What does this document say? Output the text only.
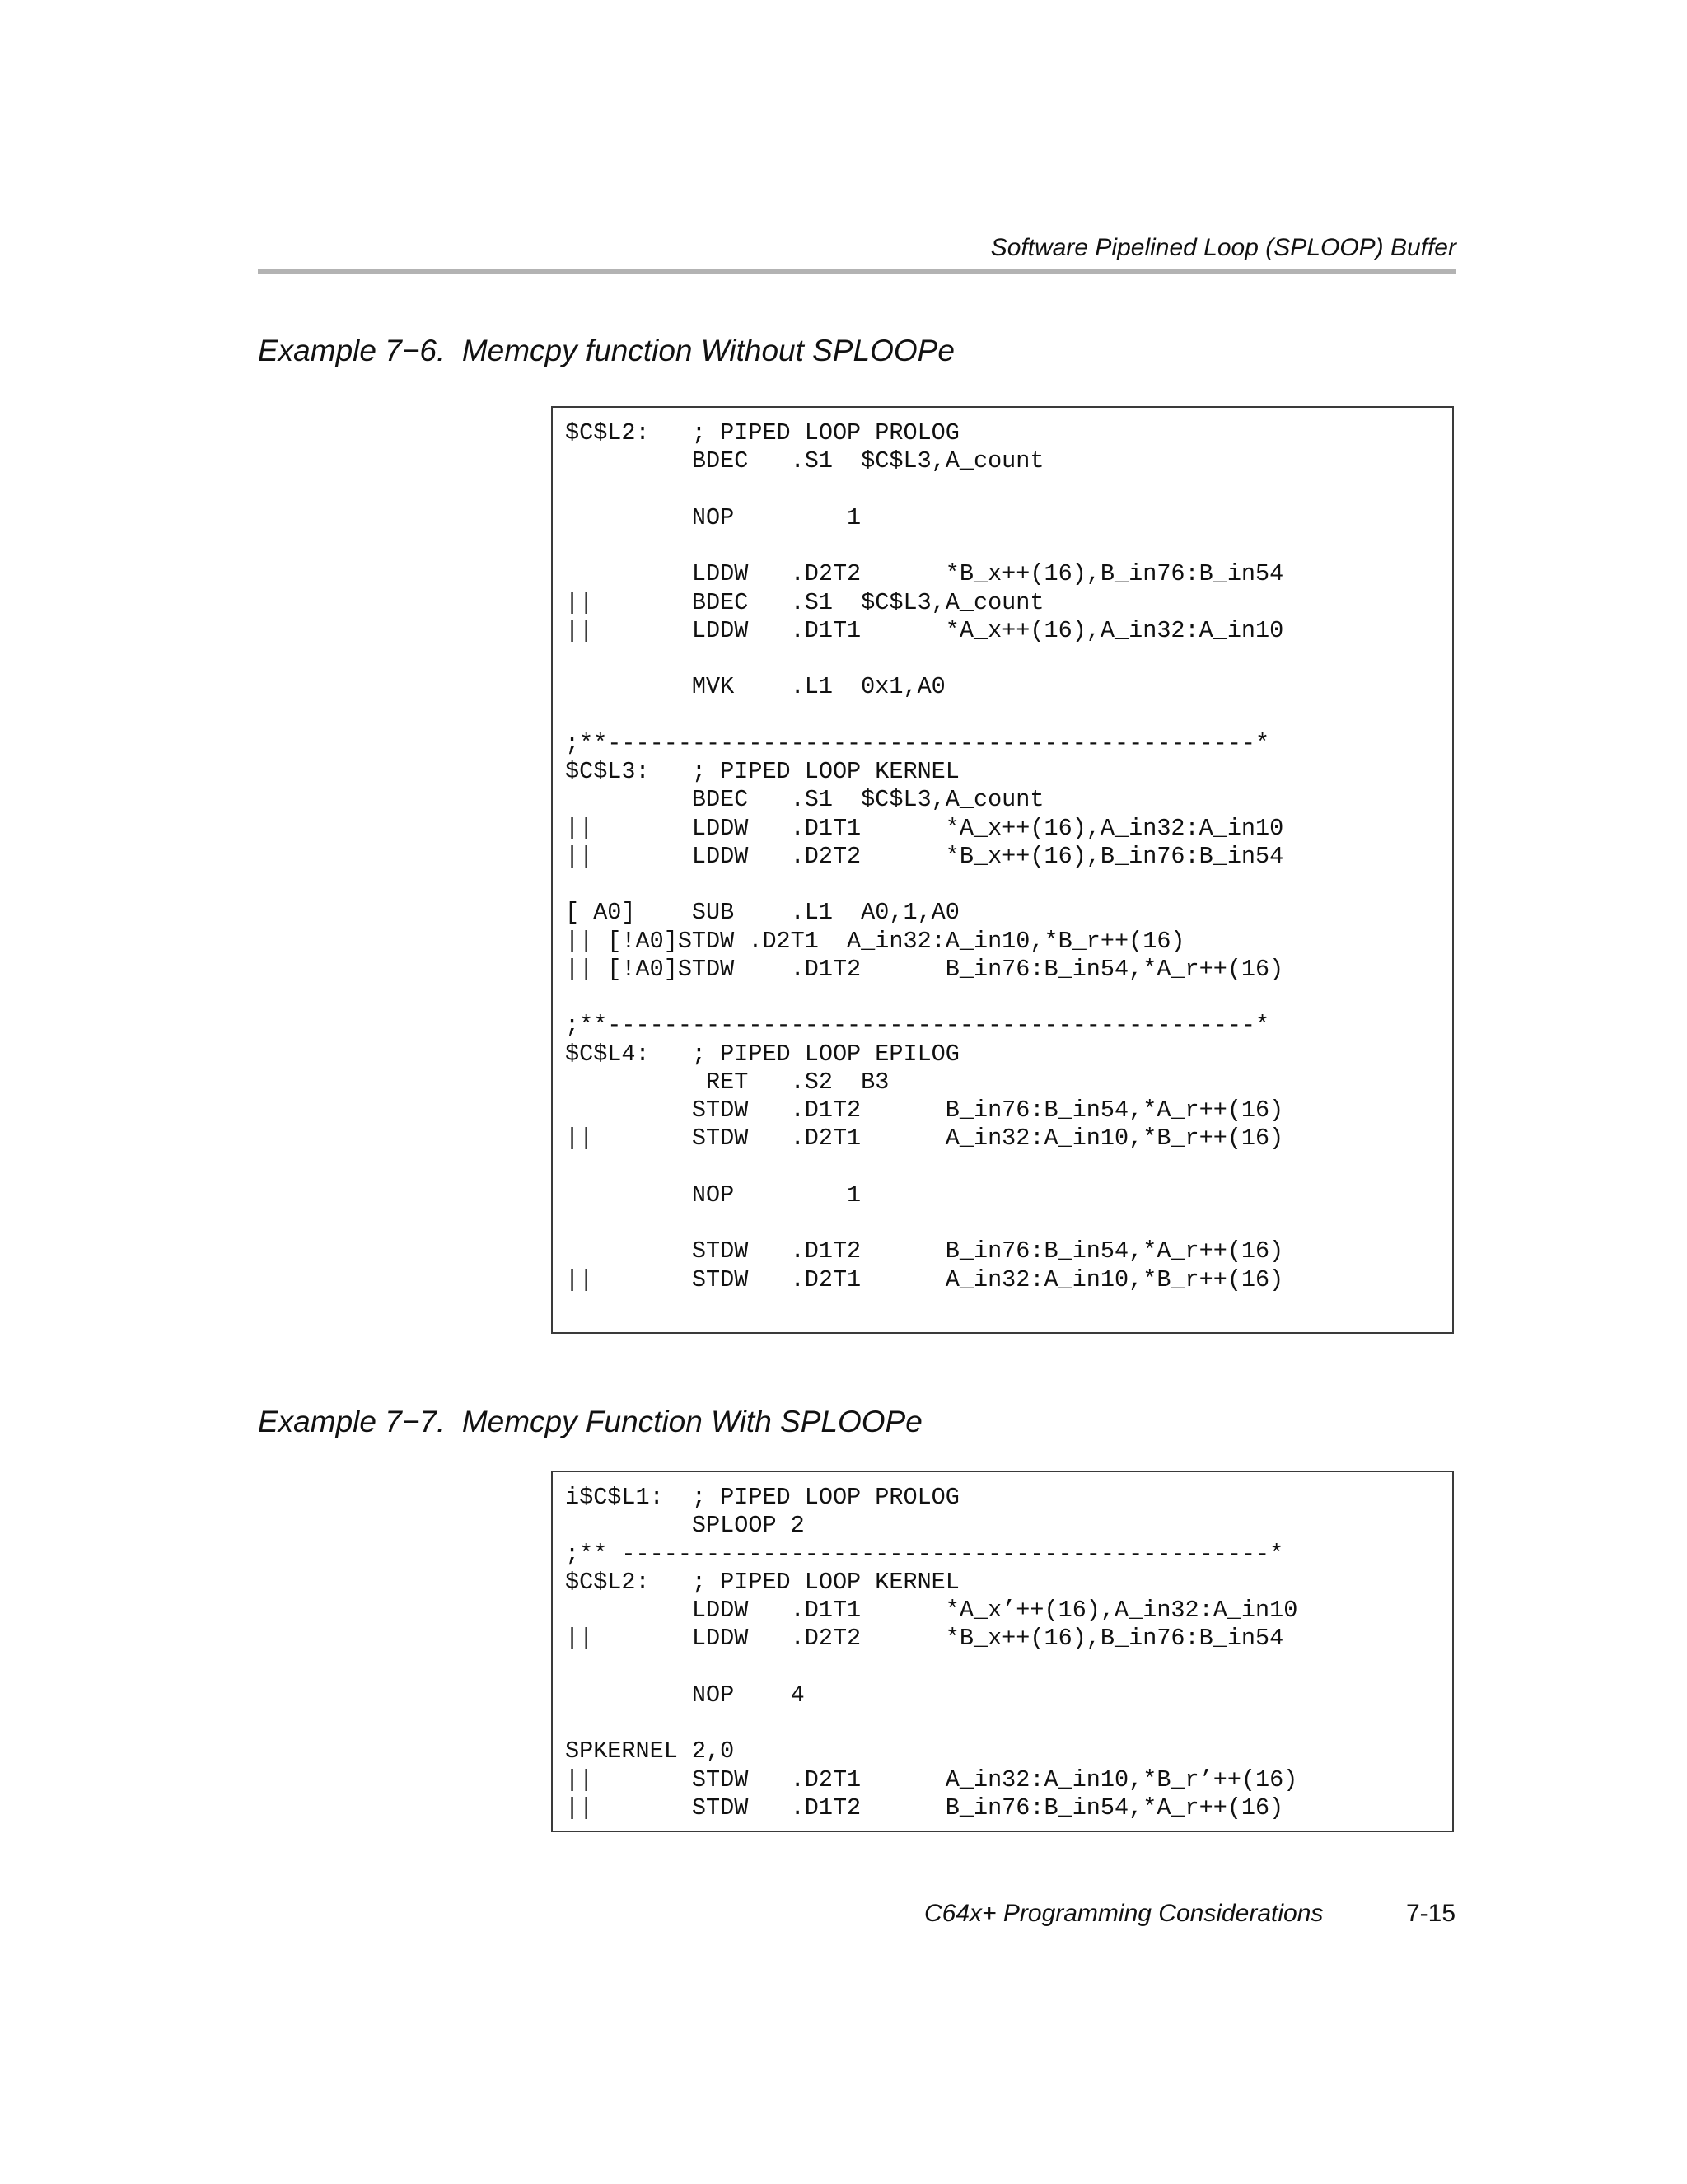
Software Pipelined Loop (SPLOOP) Buffer
Example 7−6.  Memcpy function Without SPLOOPe
$C$L2:   ; PIPED LOOP PROLOG
BDEC   .S1  $C$L3,A_count
NOP        1
LDDW   .D2T2      *B_x++(16),B_in76:B_in54
||       BDEC   .S1  $C$L3,A_count
||       LDDW   .D1T1      *A_x++(16),A_in32:A_in10
MVK    .L1  0x1,A0
;**----------------------------------------------*
$C$L3:   ; PIPED LOOP KERNEL
BDEC   .S1  $C$L3,A_count
||       LDDW   .D1T1      *A_x++(16),A_in32:A_in10
||       LDDW   .D2T2      *B_x++(16),B_in76:B_in54
[ A0]    SUB    .L1  A0,1,A0
|| [!A0]STDW .D2T1  A_in32:A_in10,*B_r++(16)
|| [!A0]STDW    .D1T2      B_in76:B_in54,*A_r++(16)
;**----------------------------------------------*
$C$L4:   ; PIPED LOOP EPILOG
RET   .S2  B3
STDW   .D1T2      B_in76:B_in54,*A_r++(16)
||       STDW   .D2T1      A_in32:A_in10,*B_r++(16)
NOP        1
STDW   .D1T2      B_in76:B_in54,*A_r++(16)
||       STDW   .D2T1      A_in32:A_in10,*B_r++(16)
Example 7−7.  Memcpy Function With SPLOOPe
i$C$L1:  ; PIPED LOOP PROLOG
SPLOOP 2
;** ----------------------------------------------*
$C$L2:   ; PIPED LOOP KERNEL
LDDW   .D1T1      *A_x’++(16),A_in32:A_in10
||       LDDW   .D2T2      *B_x++(16),B_in76:B_in54
NOP    4
SPKERNEL 2,0
||       STDW   .D2T1      A_in32:A_in10,*B_r’++(16)
||       STDW   .D1T2      B_in76:B_in54,*A_r++(16)
C64x+ Programming Considerations	7-15
